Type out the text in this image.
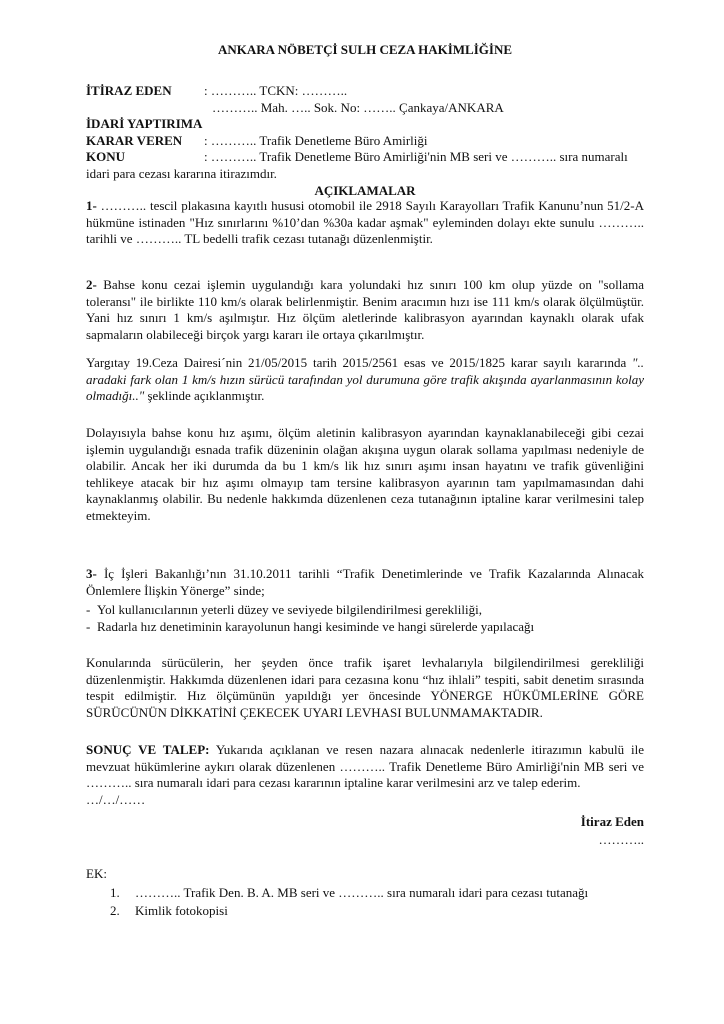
ANKARA NÖBETÇİ SULH CEZA HAKİMLİĞİNE
İTİRAZ EDEN	: ……….. TCKN: ………..
……….. Mah. ….. Sok. No: …….. Çankaya/ANKARA
İDARİ YAPTIRIMA
KARAR VEREN	: ……….. Trafik Denetleme Büro Amirliği
KONU	: ……….. Trafik Denetleme Büro Amirliği'nin MB seri ve ……….. sıra numaralı
idari para cezası kararına itirazımdır.
AÇIKLAMALAR
1- ……….. tescil plakasına kayıtlı hususi otomobil ile 2918 Sayılı Karayolları Trafik Kanunu’nun 51/2-A hükmüne istinaden "Hız sınırlarını %10’dan %30a kadar aşmak" eyleminden dolayı ekte sunulu ……….. tarihli ve ……….. TL bedelli trafik cezası tutanağı düzenlenmiştir.
2- Bahse konu cezai işlemin uygulandığı kara yolundaki hız sınırı 100 km olup yüzde on "sollama toleransı" ile birlikte 110 km/s olarak belirlenmiştir. Benim aracımın hızı ise 111 km/s olarak ölçülmüştür. Yani hız sınırı 1 km/s aşılmıştır. Hız ölçüm aletlerinde kalibrasyon ayarından kaynaklı olarak ufak sapmaların olabileceği birçok yargı kararı ile ortaya çıkarılmıştır.
Yargıtay 19.Ceza Dairesi´nin 21/05/2015 tarih 2015/2561 esas ve 2015/1825 karar sayılı kararında ".. aradaki fark olan 1 km/s hızın sürücü tarafından yol durumuna göre trafik akışında ayarlanmasının kolay olmadığı.." şeklinde açıklanmıştır.
Dolayısıyla bahse konu hız aşımı, ölçüm aletinin kalibrasyon ayarından kaynaklanabileceği gibi cezai işlemin uygulandığı esnada trafik düzeninin olağan akışına uygun olarak sollama yapılması nedeniyle de olabilir. Ancak her iki durumda da bu 1 km/s lik hız sınırı aşımı insan hayatını ve trafik güvenliğini tehlikeye atacak bir hız aşımı olmayıp tam tersine kalibrasyon ayarının tam yapılmamasından dahi kaynaklanmış olabilir. Bu nedenle hakkımda düzenlenen ceza tutanağının iptaline karar verilmesini talep etmekteyim.
3- İç İşleri Bakanlığı’nın 31.10.2011 tarihli “Trafik Denetimlerinde ve Trafik Kazalarında Alınacak Önlemlere İlişkin Yönerge” sinde;
- Yol kullanıcılarının yeterli düzey ve seviyede bilgilendirilmesi gerekliliği,
- Radarla hız denetiminin karayolunun hangi kesiminde ve hangi sürelerde yapılacağı
Konularında sürücülerin, her şeyden önce trafik işaret levhalarıyla bilgilendirilmesi gerekliliği düzenlenmiştir. Hakkımda düzenlenen idari para cezasına konu “hız ihlali” tespiti, sabit denetim sırasında tespit edilmiştir. Hız ölçümünün yapıldığı yer öncesinde YÖNERGE HÜKÜMLERİNE GÖRE SÜRÜCÜNÜN DİKKATİNİ ÇEKECEK UYARI LEVHASI BULUNMAMAKTADIR.
SONUÇ VE TALEP: Yukarıda açıklanan ve resen nazara alınacak nedenlerle itirazımın kabulü ile mevzuat hükümlerine aykırı olarak düzenlenen ……….. Trafik Denetleme Büro Amirliği'nin MB seri ve ……….. sıra numaralı idari para cezası kararının iptaline karar verilmesini arz ve talep ederim.
…/…/……
İtiraz Eden
………..
EK:
1.	……….. Trafik Den. B. A. MB seri ve ……….. sıra numaralı idari para cezası tutanağı
2.	Kimlik fotokopisi
